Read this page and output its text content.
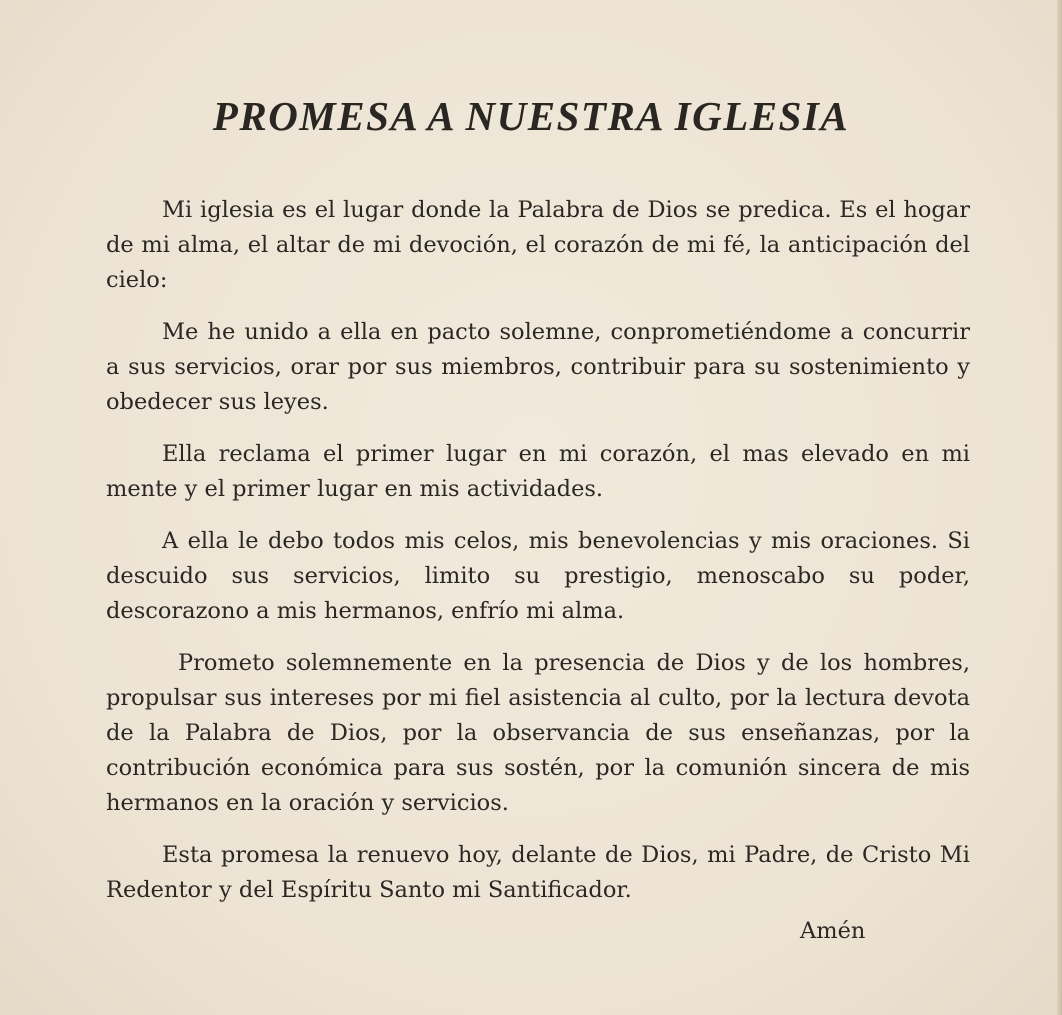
PROMESA A NUESTRA IGLESIA

Mi iglesia es el lugar donde la Palabra de Dios se predica. Es el hogar de mi alma, el altar de mi devoción, el corazón de mi fé, la anticipación del cielo:

Me he unido a ella en pacto solemne, conprometiéndome a concurrir a sus servicios, orar por sus miembros, contribuir para su sostenimiento y obedecer sus leyes.

Ella reclama el primer lugar en mi corazón, el mas elevado en mi mente y el primer lugar en mis actividades.

A ella le debo todos mis celos, mis benevolencias y mis oraciones. Si descuido sus servicios, limito su prestigio, menoscabo su poder, descorazono a mis hermanos, enfrío mi alma.

Prometo solemnemente en la presencia de Dios y de los hombres, propulsar sus intereses por mi fiel asistencia al culto, por la lectura devota de la Palabra de Dios, por la observancia de sus enseñanzas, por la contribución económica para sus sostén, por la comunión sincera de mis hermanos en la oración y servicios.

Esta promesa la renuevo hoy, delante de Dios, mi Padre, de Cristo Mi Redentor y del Espíritu Santo mi Santificador.

Amén
